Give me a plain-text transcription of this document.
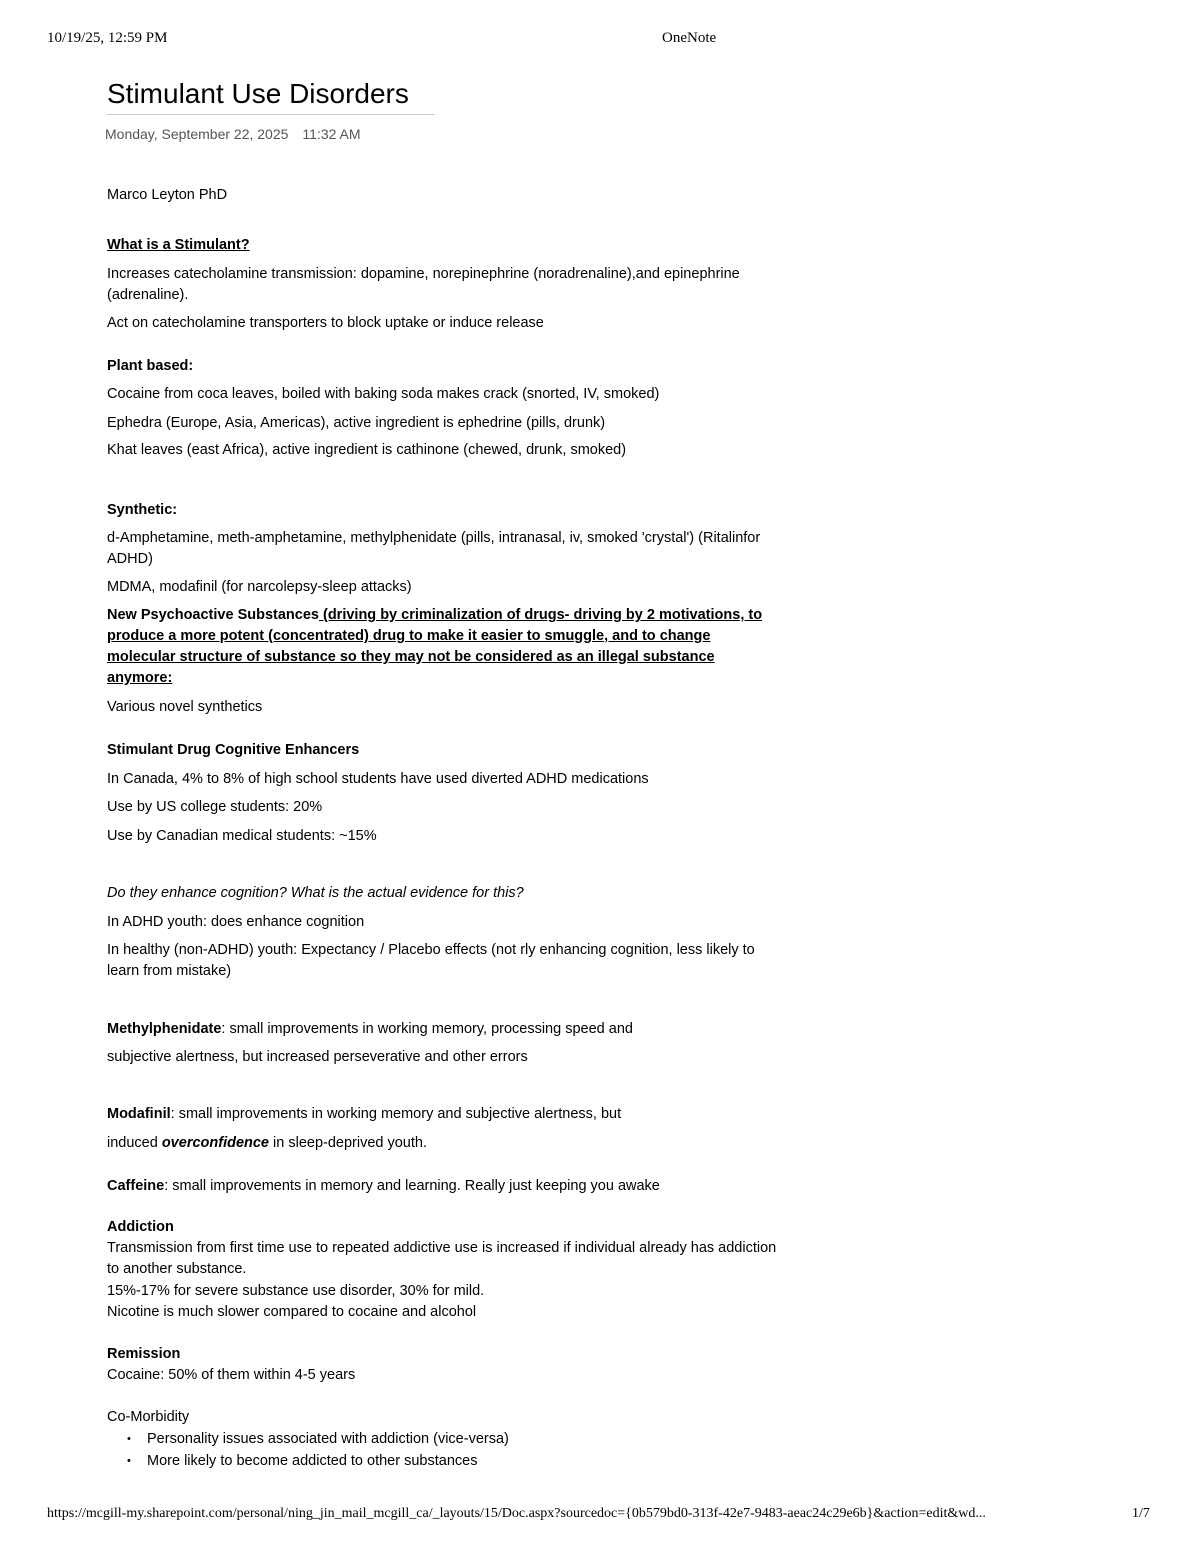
10/19/25, 12:59 PM	OneNote
Stimulant Use Disorders
Monday, September 22, 2025 11:32 AM
Marco Leyton PhD
What is a Stimulant?
Increases catecholamine transmission: dopamine, norepinephrine (noradrenaline),and epinephrine (adrenaline).
Act on catecholamine transporters to block uptake or induce release
Plant based:
Cocaine from coca leaves, boiled with baking soda makes crack (snorted, IV, smoked)
Ephedra (Europe, Asia, Americas), active ingredient is ephedrine (pills, drunk)
Khat leaves (east Africa), active ingredient is cathinone (chewed, drunk, smoked)
Synthetic:
d-Amphetamine, meth-amphetamine, methylphenidate (pills, intranasal, iv, smoked 'crystal') (Ritalinfor ADHD)
MDMA, modafinil (for narcolepsy-sleep attacks)
New Psychoactive Substances (driving by criminalization of drugs- driving by 2 motivations, to produce a more potent (concentrated) drug to make it easier to smuggle, and to change molecular structure of substance so they may not be considered as an illegal substance anymore:
Various novel synthetics
Stimulant Drug Cognitive Enhancers
In Canada, 4% to 8% of high school students have used diverted ADHD medications
Use by US college students: 20%
Use by Canadian medical students: ~15%
Do they enhance cognition? What is the actual evidence for this?
In ADHD youth: does enhance cognition
In healthy (non-ADHD) youth: Expectancy / Placebo effects (not rly enhancing cognition, less likely to learn from mistake)
Methylphenidate: small improvements in working memory, processing speed and
subjective alertness, but increased perseverative and other errors
Modafinil: small improvements in working memory and subjective alertness, but
induced overconfidence in sleep-deprived youth.
Caffeine: small improvements in memory and learning. Really just keeping you awake
Addiction
Transmission from first time use to repeated addictive use is increased if individual already has addiction to another substance.
15%-17% for severe substance use disorder, 30% for mild.
Nicotine is much slower compared to cocaine and alcohol
Remission
Cocaine: 50% of them within 4-5 years
Co-Morbidity
• Personality issues associated with addiction (vice-versa)
• More likely to become addicted to other substances
https://mcgill-my.sharepoint.com/personal/ning_jin_mail_mcgill_ca/_layouts/15/Doc.aspx?sourcedoc={0b579bd0-313f-42e7-9483-aeac24c29e6b}&action=edit&wd...	1/7
